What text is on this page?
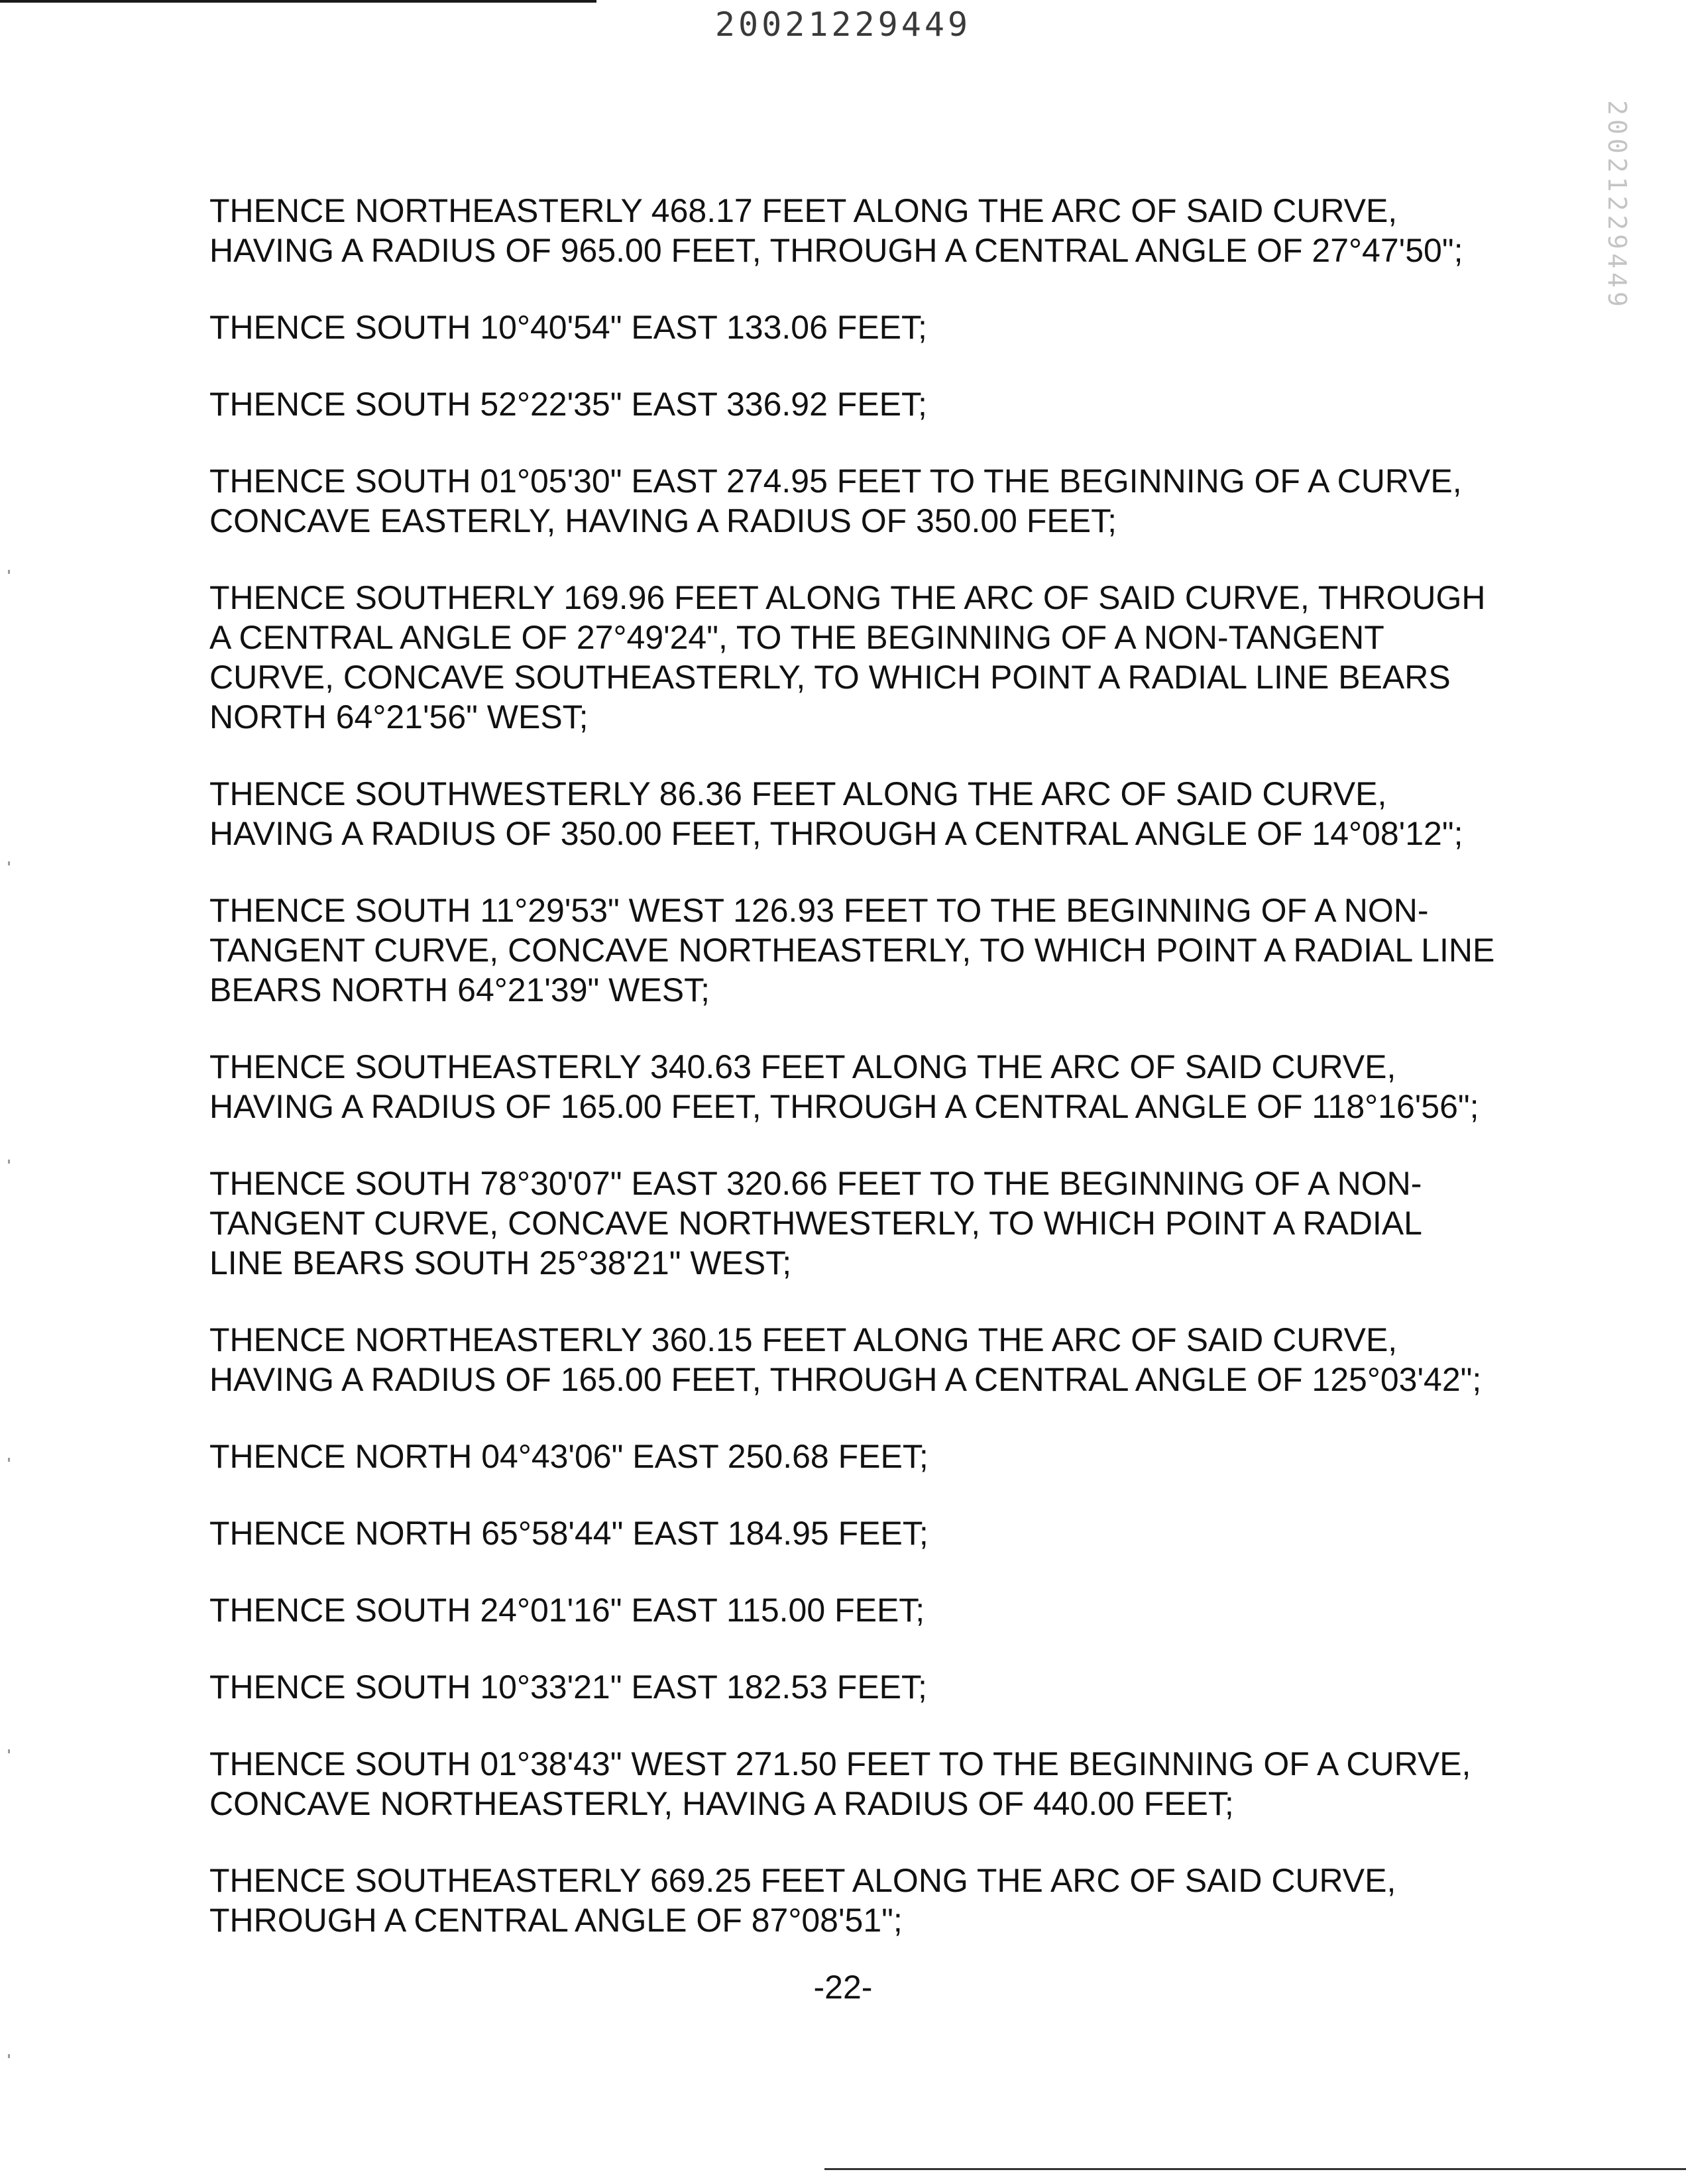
20021229449
20021229449

THENCE NORTHEASTERLY 468.17 FEET ALONG THE ARC OF SAID CURVE, HAVING A RADIUS OF 965.00 FEET, THROUGH A CENTRAL ANGLE OF 27°47'50";

THENCE SOUTH 10°40'54" EAST 133.06 FEET;

THENCE SOUTH 52°22'35" EAST 336.92 FEET;

THENCE SOUTH 01°05'30" EAST 274.95 FEET TO THE BEGINNING OF A CURVE, CONCAVE EASTERLY, HAVING A RADIUS OF 350.00 FEET;

THENCE SOUTHERLY 169.96 FEET ALONG THE ARC OF SAID CURVE, THROUGH A CENTRAL ANGLE OF 27°49'24", TO THE BEGINNING OF A NON-TANGENT CURVE, CONCAVE SOUTHEASTERLY, TO WHICH POINT A RADIAL LINE BEARS NORTH 64°21'56" WEST;

THENCE SOUTHWESTERLY 86.36 FEET ALONG THE ARC OF SAID CURVE, HAVING A RADIUS OF 350.00 FEET, THROUGH A CENTRAL ANGLE OF 14°08'12";

THENCE SOUTH 11°29'53" WEST 126.93 FEET TO THE BEGINNING OF A NON-TANGENT CURVE, CONCAVE NORTHEASTERLY, TO WHICH POINT A RADIAL LINE BEARS NORTH 64°21'39" WEST;

THENCE SOUTHEASTERLY 340.63 FEET ALONG THE ARC OF SAID CURVE, HAVING A RADIUS OF 165.00 FEET, THROUGH A CENTRAL ANGLE OF 118°16'56";

THENCE SOUTH 78°30'07" EAST 320.66 FEET TO THE BEGINNING OF A NON-TANGENT CURVE, CONCAVE NORTHWESTERLY, TO WHICH POINT A RADIAL LINE BEARS SOUTH 25°38'21" WEST;

THENCE NORTHEASTERLY 360.15 FEET ALONG THE ARC OF SAID CURVE, HAVING A RADIUS OF 165.00 FEET, THROUGH A CENTRAL ANGLE OF 125°03'42";

THENCE NORTH 04°43'06" EAST 250.68 FEET;

THENCE NORTH 65°58'44" EAST 184.95 FEET;

THENCE SOUTH 24°01'16" EAST 115.00 FEET;

THENCE SOUTH 10°33'21" EAST 182.53 FEET;

THENCE SOUTH 01°38'43" WEST 271.50 FEET TO THE BEGINNING OF A CURVE, CONCAVE NORTHEASTERLY, HAVING A RADIUS OF 440.00 FEET;

THENCE SOUTHEASTERLY 669.25 FEET ALONG THE ARC OF SAID CURVE, THROUGH A CENTRAL ANGLE OF 87°08'51";

-22-
